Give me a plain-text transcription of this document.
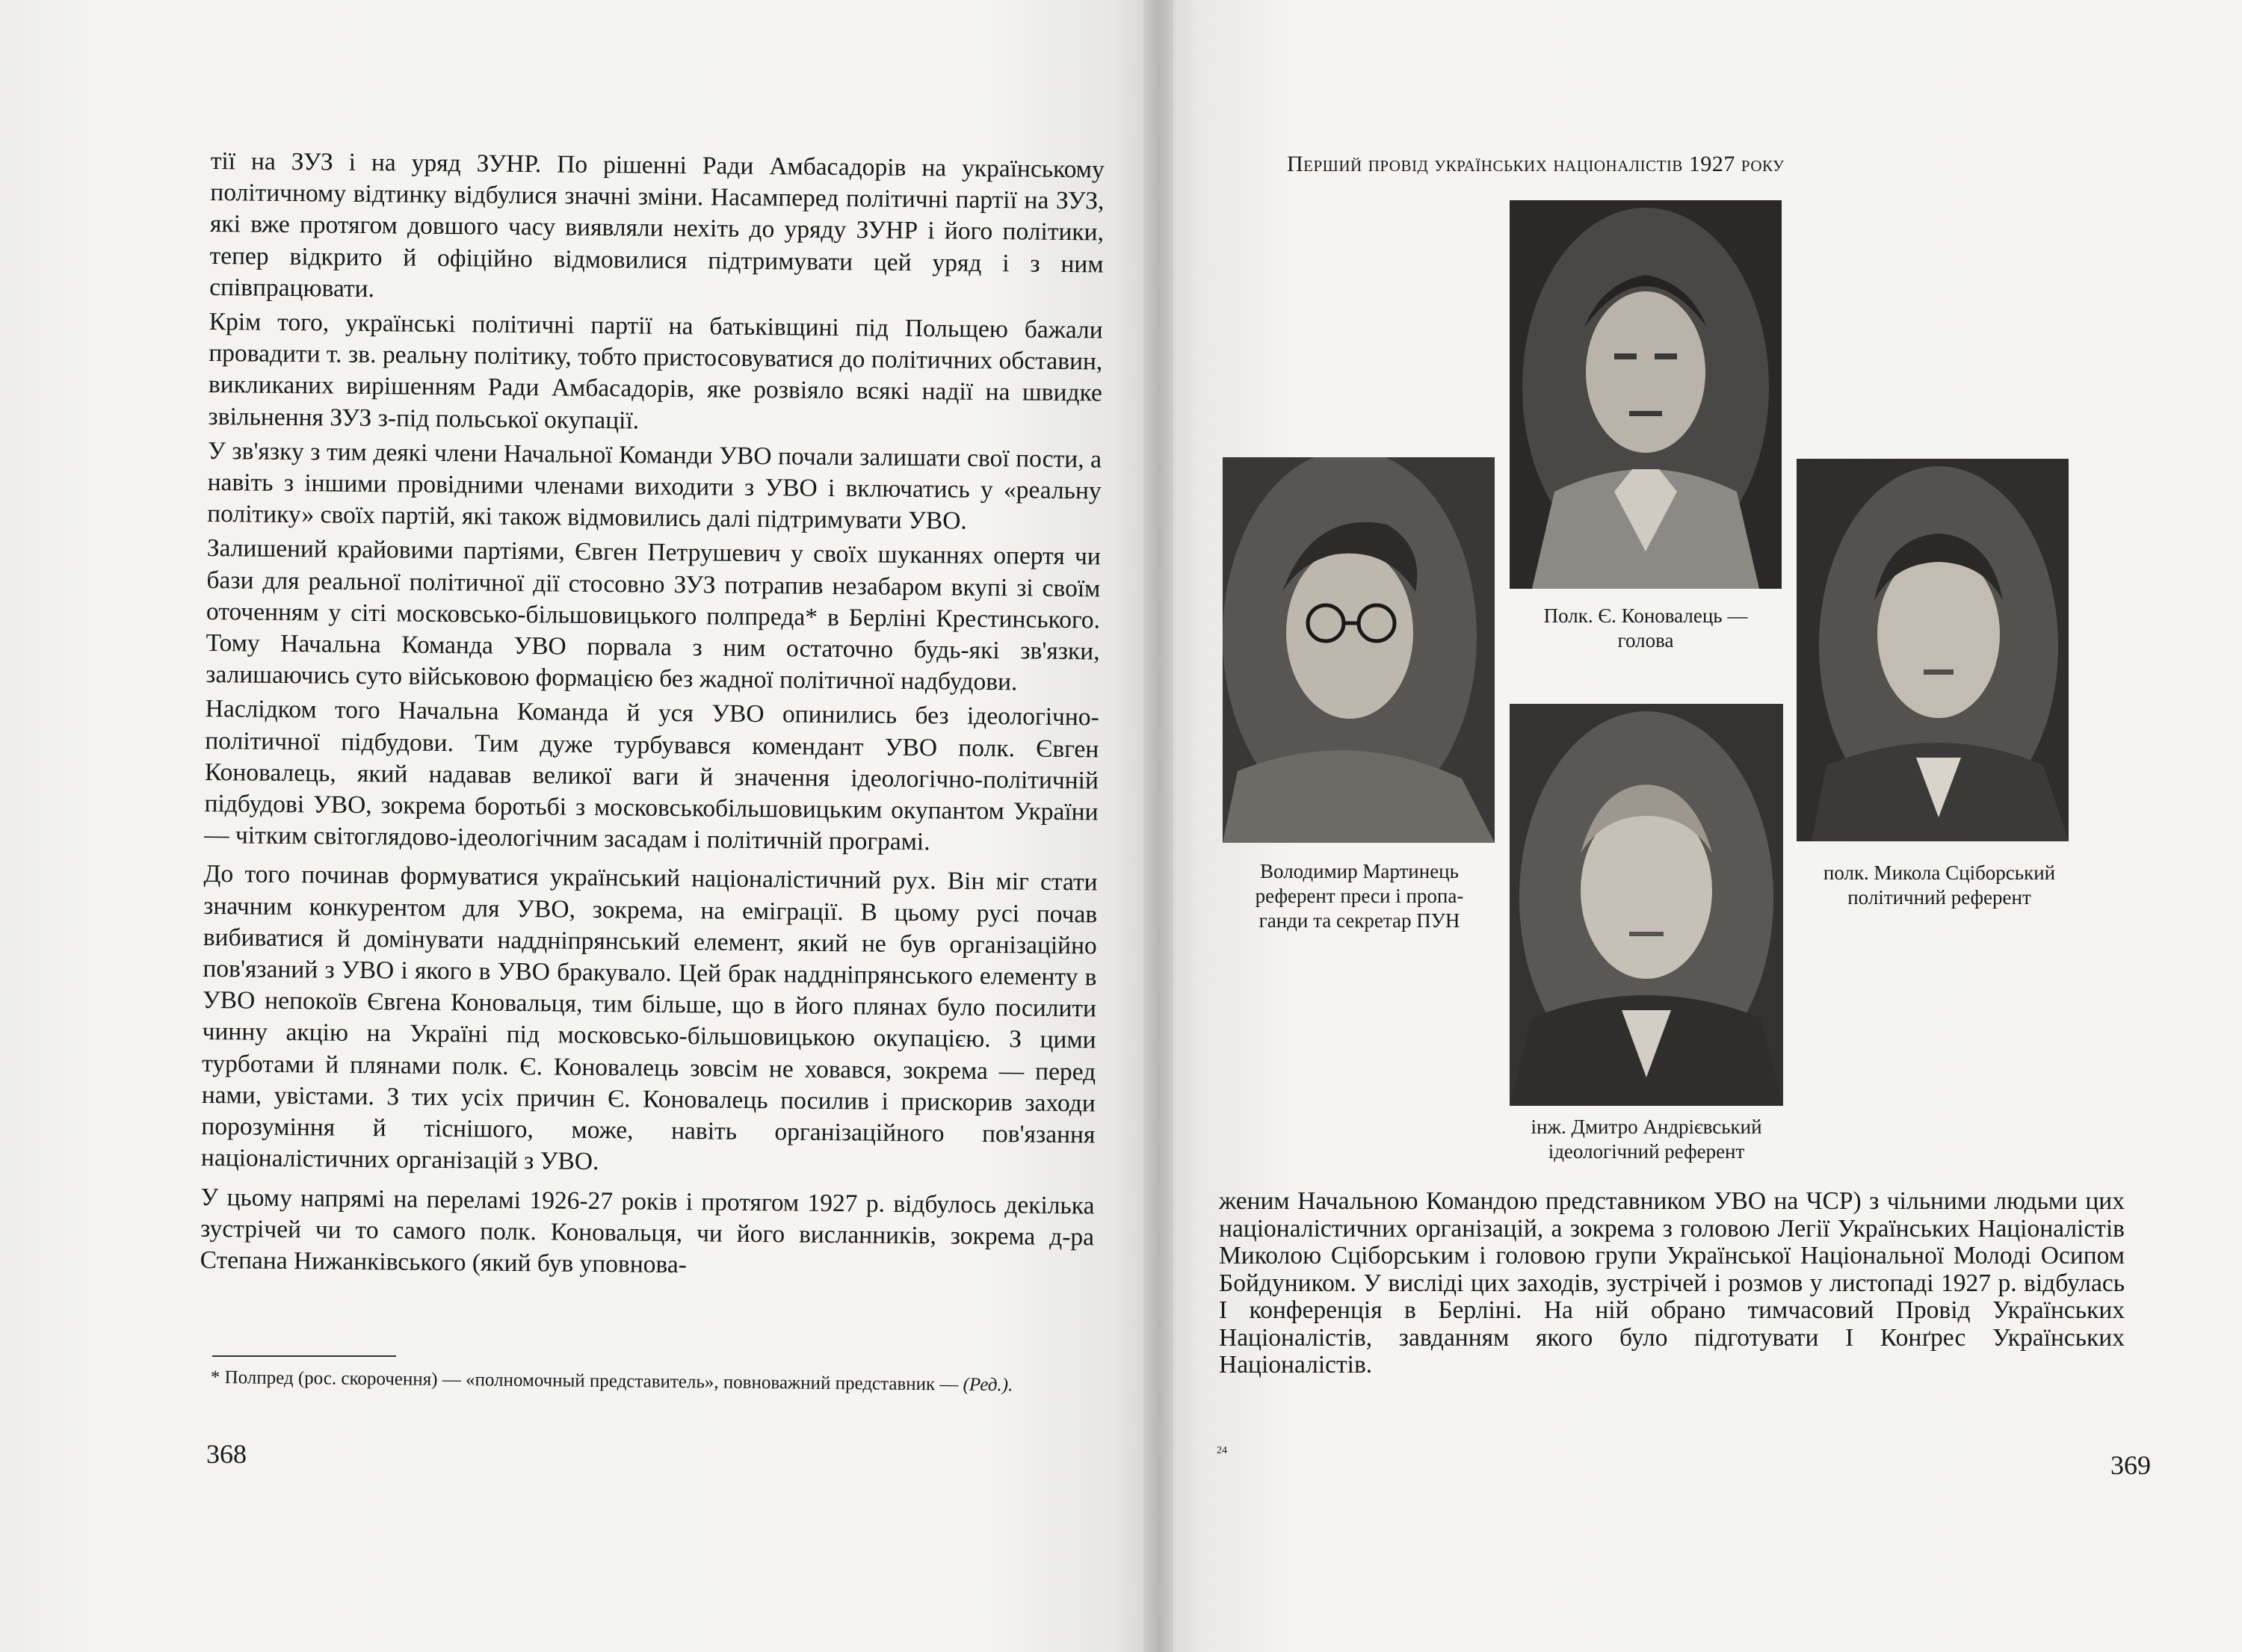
тії на ЗУЗ і на уряд ЗУНР. По рішенні Ради Амбасадорів на українському політичному відтинку відбулися значні зміни. Насамперед політичні партії на ЗУЗ, які вже протягом довшого часу виявляли нехіть до уряду ЗУНР і його політики, тепер відкрито й офіційно відмовилися підтримувати цей уряд і з ним співпрацювати.

Крім того, українські політичні партії на батьківщині під Польщею бажали провадити т. зв. реальну політику, тобто пристосовуватися до політичних обставин, викликаних вирішенням Ради Амбасадорів, яке розвіяло всякі надії на швидке звільнення ЗУЗ з-під польської окупації.

У зв'язку з тим деякі члени Начальної Команди УВО почали залишати свої пости, а навіть з іншими провідними членами виходити з УВО і включатись у «реальну політику» своїх партій, які також відмовились далі підтримувати УВО.

Залишений крайовими партіями, Євген Петрушевич у своїх шуканнях опертя чи бази для реальної політичної дії стосовно ЗУЗ потрапив незабаром вкупі зі своїм оточенням у сіті московсько-більшовицького полпреда* в Берліні Крестинського. Тому Начальна Команда УВО порвала з ним остаточно будь-які зв'язки, залишаючись суто військовою формацією без жадної політичної надбудови.

Наслідком того Начальна Команда й уся УВО опинились без ідеологічно-політичної підбудови. Тим дуже турбувався комендант УВО полк. Євген Коновалець, який надавав великої ваги й значення ідеологічно-політичній підбудові УВО, зокрема боротьбі з московськобільшовицьким окупантом України — чітким світоглядово-ідеологічним засадам і політичній програмі.

До того починав формуватися український націоналістичний рух. Він міг стати значним конкурентом для УВО, зокрема, на еміграції. В цьому русі почав вибиватися й домінувати наддніпрянський елемент, який не був організаційно пов'язаний з УВО і якого в УВО бракувало. Цей брак наддніпрянського елементу в УВО непокоїв Євгена Коновальця, тим більше, що в його плянах було посилити чинну акцію на Україні під московсько-більшовицькою окупацією. З цими турботами й плянами полк. Є. Коновалець зовсім не ховався, зокрема — перед нами, увістами. З тих усіх причин Є. Коновалець посилив і прискорив заходи порозуміння й тіснішого, може, навіть організаційного пов'язання націоналістичних організацій з УВО.

У цьому напрямі на переламі 1926-27 років і протягом 1927 р. відбулось декілька зустрічей чи то самого полк. Коновальця, чи його висланників, зокрема д-ра Степана Нижанківського (який був уповнова-

* Полпред (рос. скорочення) — «полномочный представитель», повноважний представник — (Ред.).
368
Перший провід українських націоналістів 1927 року
Полк. Є. Коновалець —
голова
Володимир Мартинець
референт преси і пропа-
ганди та секретар ПУН
полк. Микола Сціборський
політичний референт
інж. Дмитро Андрієвський
ідеологічний референт

женим Начальною Командою представником УВО на ЧСР) з чільними людьми цих націоналістичних організацій, а зокрема з головою Легії Українських Націоналістів Миколою Сціборським і головою групи Української Національної Молоді Осипом Бойдуником. У висліді цих заходів, зустрічей і розмов у листопаді 1927 р. відбулась І конференція в Берліні. На ній обрано тимчасовий Провід Українських Націоналістів, завданням якого було підготувати І Конґрес Українських Націоналістів.

24	369
